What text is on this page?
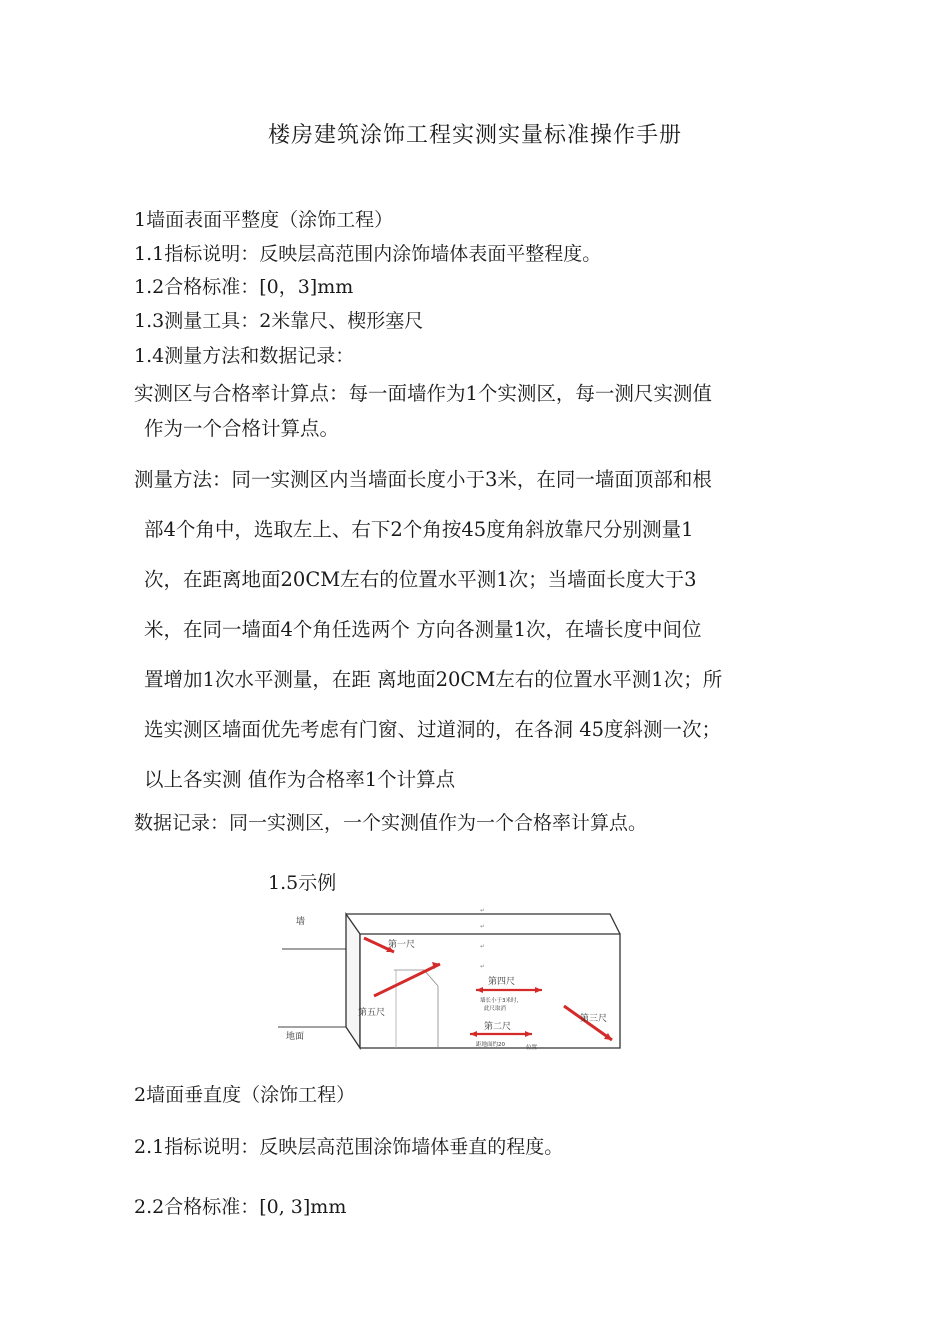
楼房建筑涂饰工程实测实量标准操作手册
1墙面表面平整度（涂饰工程）
1.1指标说明：反映层高范围内涂饰墙体表面平整程度。
1.2合格标准：[0，3]mm
1.3测量工具：2米靠尺、楔形塞尺
1.4测量方法和数据记录：
实测区与合格率计算点：每一面墙作为1个实测区，每一测尺实测值
作为一个合格计算点。
测量方法：同一实测区内当墙面长度小于3米，在同一墙面顶部和根
部4个角中，选取左上、右下2个角按45度角斜放靠尺分别测量1
次，在距离地面20CM左右的位置水平测1次；当墙面长度大于3
米，在同一墙面4个角任选两个 方向各测量1次，在墙长度中间位
置增加1次水平测量，在距 离地面20CM左右的位置水平测1次；所
选实测区墙面优先考虑有门窗、过道洞的，在各洞 45度斜测一次；
以上各实测 值作为合格率1个计算点
数据记录：同一实测区，一个实测值作为一个合格率计算点。
1.5示例
↵
↵
↵
↵
墙
地面
第一尺
第五尺
第四尺
墙长小于3米时，
此尺取消
第二尺
距地面约20	位置
第三尺
2墙面垂直度（涂饰工程）
2.1指标说明：反映层高范围涂饰墙体垂直的程度。
2.2合格标准：[0, 3]mm
